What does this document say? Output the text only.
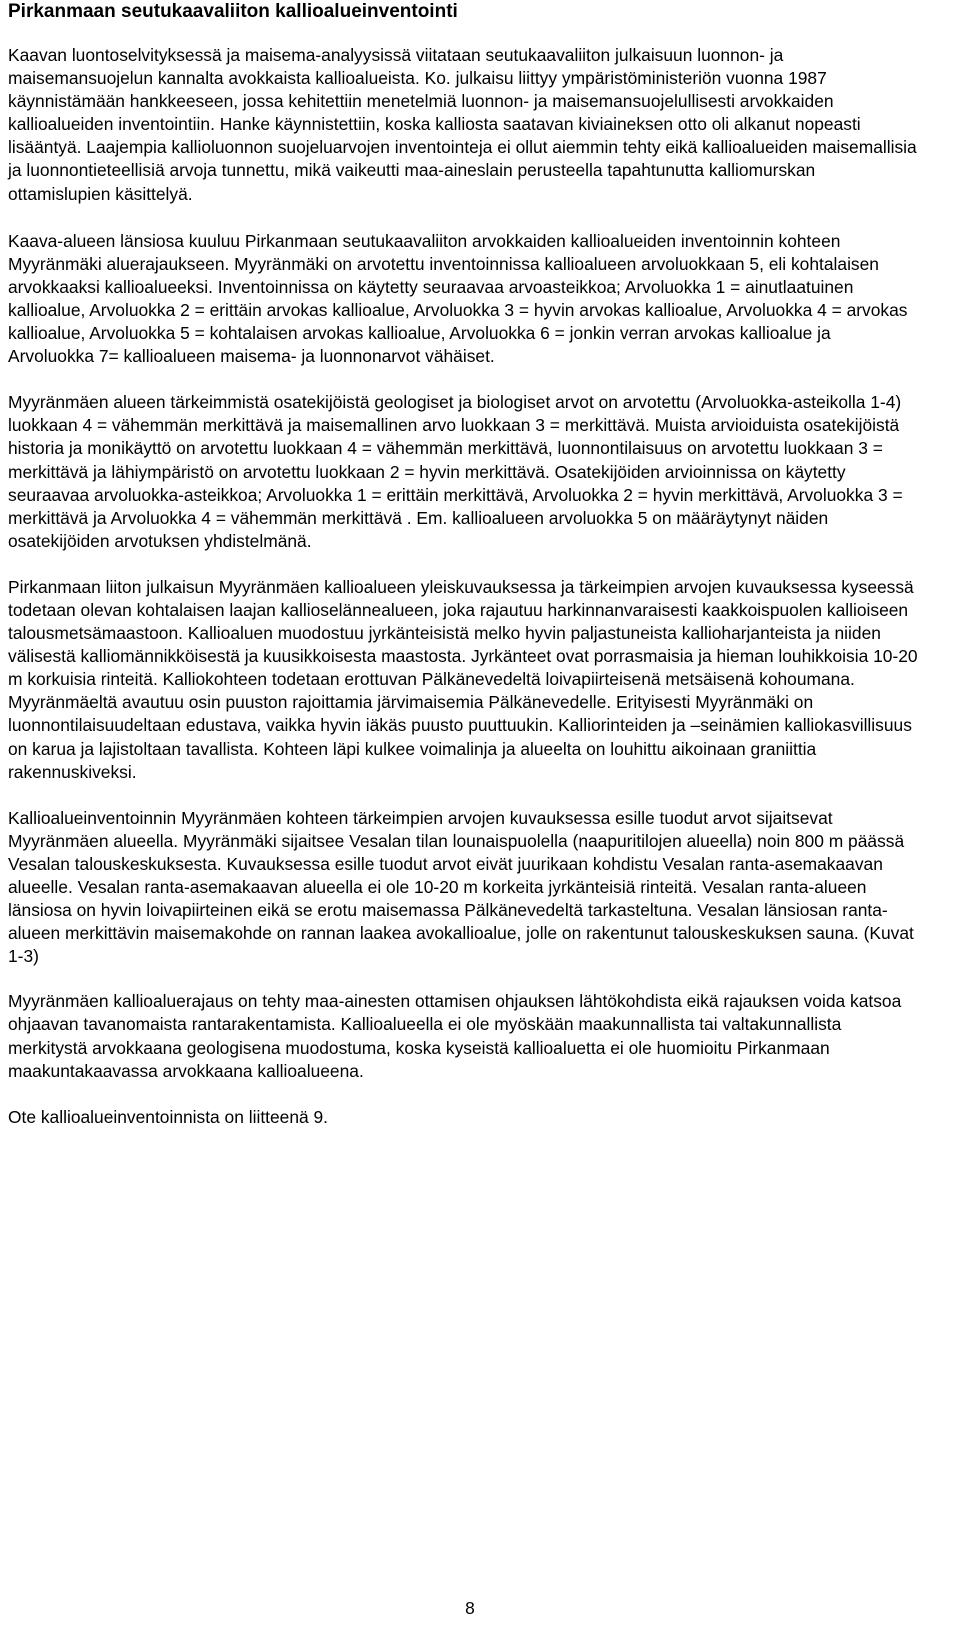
Pirkanmaan seutukaavaliiton kallioalueinventointi

Kaavan luontoselvityksessä ja maisema-analyysissä viitataan seutukaavaliiton julkaisuun luonnon- ja maisemansuojelun kannalta avokkaista kallioalueista. Ko. julkaisu liittyy ympäristöministeriön vuonna 1987 käynnistämään hankkeeseen, jossa kehitettiin menetelmiä luonnon- ja maisemansuojelullisesti arvokkaiden kallioalueiden inventointiin. Hanke käynnistettiin, koska kalliosta saatavan kiviaineksen otto oli alkanut nopeasti lisääntyä. Laajempia kallioluonnon suojeluarvojen inventointeja ei ollut aiemmin tehty eikä kallioalueiden maisemallisia ja luonnontieteellisiä arvoja tunnettu, mikä vaikeutti maa-aineslain perusteella tapahtunutta kalliomurskan ottamislupien käsittelyä.

Kaava-alueen länsiosa kuuluu Pirkanmaan seutukaavaliiton arvokkaiden kallioalueiden inventoinnin kohteen Myyränmäki aluerajaukseen. Myyränmäki on arvotettu inventoinnissa kallioalueen arvoluokkaan 5, eli kohtalaisen arvokkaaksi kallioalueeksi. Inventoinnissa on käytetty seuraavaa arvoasteikkoa; Arvoluokka 1 = ainutlaatuinen kallioalue, Arvoluokka 2 = erittäin arvokas kallioalue, Arvoluokka 3 = hyvin arvokas kallioalue, Arvoluokka 4 = arvokas kallioalue, Arvoluokka 5 = kohtalaisen arvokas kallioalue, Arvoluokka 6 = jonkin verran arvokas kallioalue ja Arvoluokka 7= kallioalueen maisema- ja luonnonarvot vähäiset.

Myyränmäen alueen tärkeimmistä osatekijöistä geologiset ja biologiset arvot on arvotettu (Arvoluokka-asteikolla 1-4) luokkaan 4 = vähemmän merkittävä ja maisemallinen arvo luokkaan 3 = merkittävä. Muista arvioiduista osatekijöistä historia ja monikäyttö on arvotettu luokkaan 4 = vähemmän merkittävä, luonnontilaisuus on arvotettu luokkaan 3 = merkittävä ja lähiympäristö on arvotettu luokkaan 2 = hyvin merkittävä. Osatekijöiden arvioinnissa on käytetty seuraavaa arvoluokka-asteikkoa; Arvoluokka 1 = erittäin merkittävä, Arvoluokka 2 = hyvin merkittävä, Arvoluokka 3 = merkittävä ja Arvoluokka 4 = vähemmän merkittävä . Em. kallioalueen arvoluokka 5 on määräytynyt näiden osatekijöiden arvotuksen yhdistelmänä.

Pirkanmaan liiton julkaisun Myyränmäen kallioalueen yleiskuvauksessa ja tärkeimpien arvojen kuvauksessa kyseessä todetaan olevan kohtalaisen laajan kallioselännealueen, joka rajautuu harkinnanvaraisesti kaakkoispuolen kallioiseen talousmetsämaastoon. Kallioaluen muodostuu jyrkänteisistä melko hyvin paljastuneista kallioharjanteista ja niiden välisestä kalliomännikköisestä ja kuusikkoisesta maastosta. Jyrkänteet ovat porrasmaisia ja hieman louhikkoisia 10-20 m korkuisia rinteitä. Kalliokohteen todetaan erottuvan Pälkänevedeltä loivapiirteisenä metsäisenä kohoumana. Myyränmäeltä avautuu osin puuston rajoittamia järvimaisemia Pälkänevedelle. Erityisesti Myyränmäki on luonnontilaisuudeltaan edustava, vaikka hyvin iäkäs puusto puuttuukin. Kalliorinteiden ja –seinämien kalliokasvillisuus on karua ja lajistoltaan tavallista. Kohteen läpi kulkee voimalinja ja alueelta on louhittu aikoinaan graniittia rakennuskiveksi.

Kallioalueinventoinnin Myyränmäen kohteen tärkeimpien arvojen kuvauksessa esille tuodut arvot sijaitsevat Myyränmäen alueella. Myyränmäki sijaitsee Vesalan tilan lounaispuolella (naapuritilojen alueella) noin 800 m päässä Vesalan talouskeskuksesta. Kuvauksessa esille tuodut arvot eivät juurikaan kohdistu Vesalan ranta-asemakaavan alueelle. Vesalan ranta-asemakaavan alueella ei ole 10-20 m korkeita jyrkänteisiä rinteitä. Vesalan ranta-alueen länsiosa on hyvin loivapiirteinen eikä se erotu maisemassa Pälkänevedeltä tarkasteltuna. Vesalan länsiosan ranta-alueen merkittävin maisemakohde on rannan laakea avokallioalue, jolle on rakentunut talouskeskuksen sauna. (Kuvat 1-3)

Myyränmäen kallioaluerajaus on tehty maa-ainesten ottamisen ohjauksen lähtökohdista eikä rajauksen voida katsoa ohjaavan tavanomaista rantarakentamista. Kallioalueella ei ole myöskään maakunnallista tai valtakunnallista merkitystä arvokkaana geologisena muodostuma, koska kyseistä kallioaluetta ei ole huomioitu Pirkanmaan maakuntakaavassa arvokkaana kallioalueena.

Ote kallioalueinventoinnista on liitteenä 9.

8
